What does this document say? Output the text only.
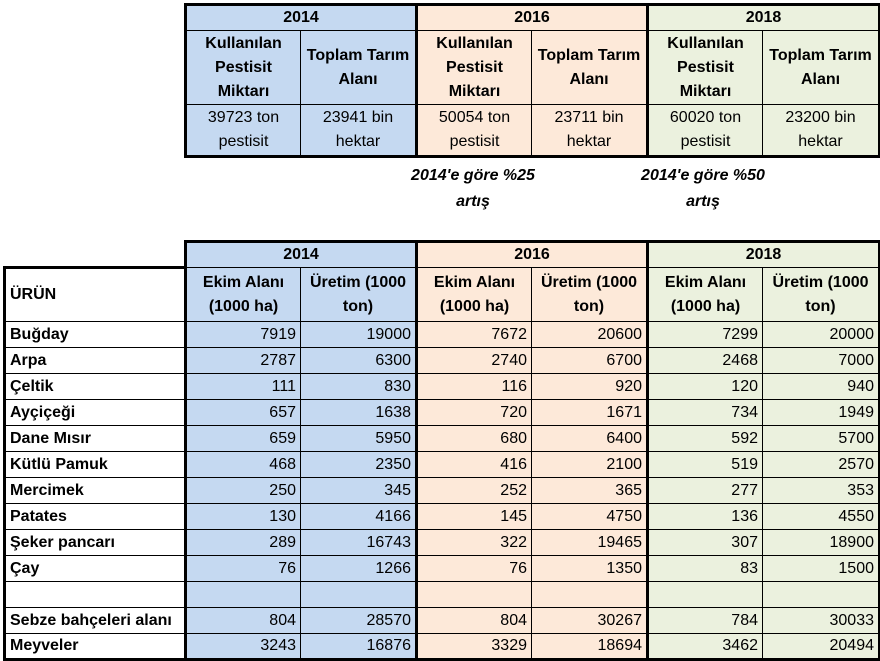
2014		2016		2018	
Kullanılan Pestisit Miktarı	Toplam Tarım Alanı	Kullanılan Pestisit Miktarı	Toplam Tarım Alanı	Kullanılan Pestisit Miktarı	Toplam Tarım Alanı
39723 ton pestisit	23941 bin hektar	50054 ton pestisit	23711 bin hektar	60020 ton pestisit	23200 bin hektar
2014'e göre %25 artış
2014'e göre %50 artış
	2014		2016		2018	
ÜRÜN	Ekim Alanı (1000 ha)	Üretim (1000 ton)	Ekim Alanı (1000 ha)	Üretim (1000 ton)	Ekim Alanı (1000 ha)	Üretim (1000 ton)
Buğday	7919	19000	7672	20600	7299	20000
Arpa	2787	6300	2740	6700	2468	7000
Çeltik	111	830	116	920	120	940
Ayçiçeği	657	1638	720	1671	734	1949
Dane Mısır	659	5950	680	6400	592	5700
Kütlü Pamuk	468	2350	416	2100	519	2570
Mercimek	250	345	252	365	277	353
Patates	130	4166	145	4750	136	4550
Şeker pancarı	289	16743	322	19465	307	18900
Çay	76	1266	76	1350	83	1500

Sebze bahçeleri alanı	804	28570	804	30267	784	30033
Meyveler	3243	16876	3329	18694	3462	20494
